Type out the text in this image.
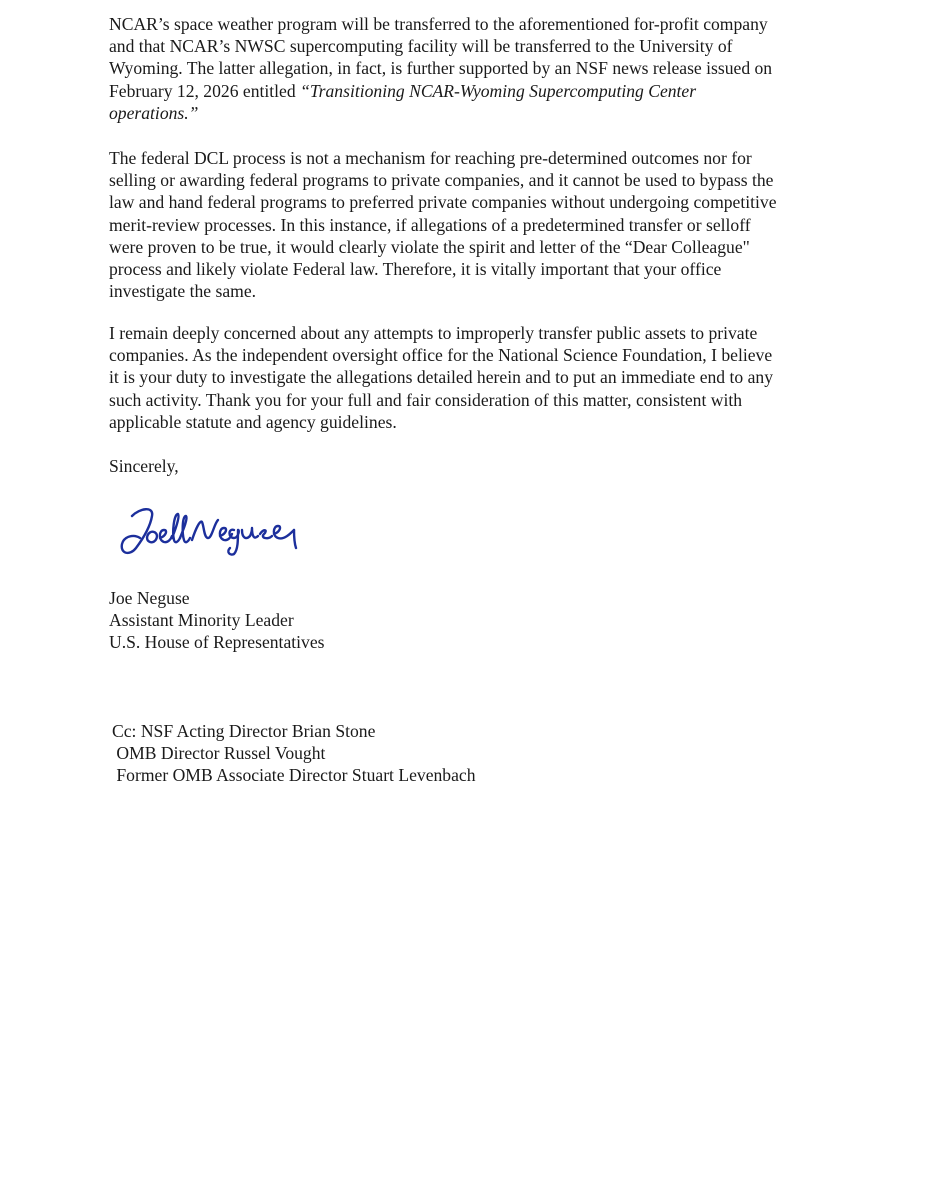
NCAR’s space weather program will be transferred to the aforementioned for-profit company
and that NCAR’s NWSC supercomputing facility will be transferred to the University of
Wyoming. The latter allegation, in fact, is further supported by an NSF news release issued on
February 12, 2026 entitled “Transitioning NCAR-Wyoming Supercomputing Center
operations.”

The federal DCL process is not a mechanism for reaching pre-determined outcomes nor for
selling or awarding federal programs to private companies, and it cannot be used to bypass the
law and hand federal programs to preferred private companies without undergoing competitive
merit-review processes. In this instance, if allegations of a predetermined transfer or selloff
were proven to be true, it would clearly violate the spirit and letter of the “Dear Colleague"
process and likely violate Federal law. Therefore, it is vitally important that your office
investigate the same.

I remain deeply concerned about any attempts to improperly transfer public assets to private
companies. As the independent oversight office for the National Science Foundation, I believe
it is your duty to investigate the allegations detailed herein and to put an immediate end to any
such activity. Thank you for your full and fair consideration of this matter, consistent with
applicable statute and agency guidelines.

Sincerely,
Joe Neguse
Assistant Minority Leader
U.S. House of Representatives
Cc: NSF Acting Director Brian Stone
OMB Director Russel Vought
Former OMB Associate Director Stuart Levenbach
